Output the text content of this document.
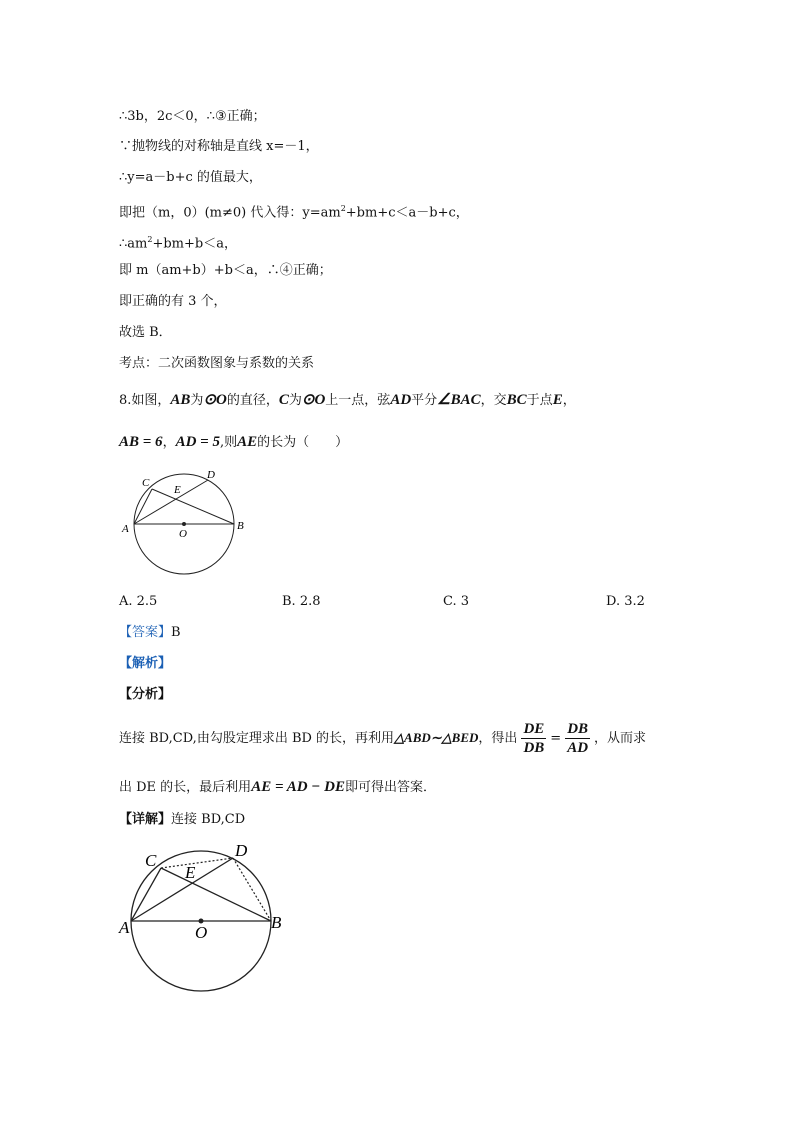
∴3b，2c＜0，∴③正确；
∵抛物线的对称轴是直线 x=－1，
∴y=a－b+c 的值最大，
即把（m，0）(m≠0) 代入得：$y=am^2+bm+c<a-b+c$，
$\therefore am^2+bm+b<a$，
即 m（am+b）+b＜a，∴④正确；
即正确的有 3 个，
故选 B．
考点：二次函数图象与系数的关系
8.如图，AB为⊙O的直径，C为⊙O上一点，弦AD平分∠BAC，交BC于点E，
AB = 6，AD = 5,则AE的长为（　　）
C
D
E
A	B
O
A. 2.5	B. 2.8	C. 3	D. 3.2
【答案】B
【解析】
【分析】
连接 BD,CD,由勾股定理求出 BD 的长，再利用△ABD∼△BED，得出 $\frac{DE}{DB} = \frac{DB}{AD}$ ，从而求
出 DE 的长，最后利用AE = AD − DE即可得出答案．
【详解】连接 BD,CD
C
D
E
A	B
O
